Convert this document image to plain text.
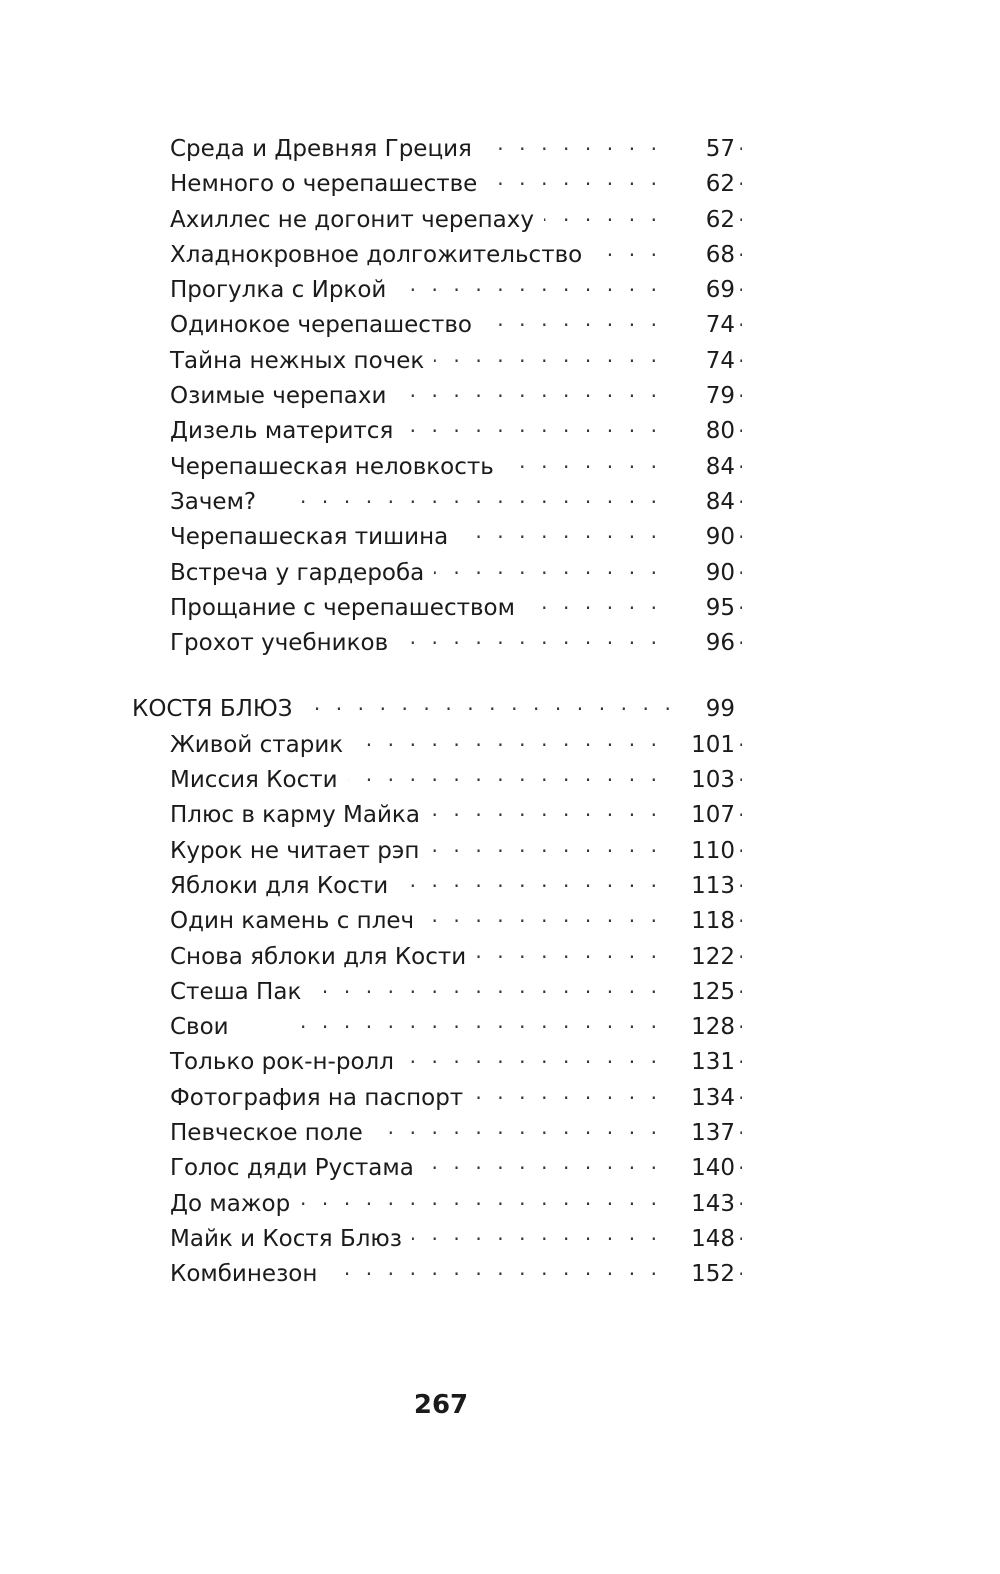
· · ·
Среда и Древняя Греция	57
· · ·
Немного о черепашестве	62
· · ·
Ахиллес не догонит черепаху	62
· · ·
Хладнокровное долгожительство	68
· · ·
Прогулка с Иркой	69
· · ·
Одинокое черепашество	74
· · ·
Тайна нежных почек	74
· · ·
Озимые черепахи	79
· · ·
Дизель матерится	80
· · ·
Черепашеская неловкость	84
· · ·
Зачем?	84
· · ·
Черепашеская тишина	90
· · ·
Встреча у гардероба	90
· · ·
Прощание с черепашеством	95
· · ·
Грохот учебников	96
· · ·
КОСТЯ БЛЮЗ	99
· · ·
Живой старик	101
· · ·
Миссия Кости	103
· · ·
Плюс в карму Майка	107
· · ·
Курок не читает рэп	110
· · ·
Яблоки для Кости	113
· · ·
Один камень с плеч	118
· · ·
Снова яблоки для Кости	122
· · ·
Стеша Пак	125
· · ·
Свои	128
· · ·
Только рок-н-ролл	131
· · ·
Фотография на паспорт	134
· · ·
Певческое поле	137
· · ·
Голос дяди Рустама	140
· · ·
До мажор	143
· · ·
Майк и Костя Блюз	148
· · ·
Комбинезон	152
267
